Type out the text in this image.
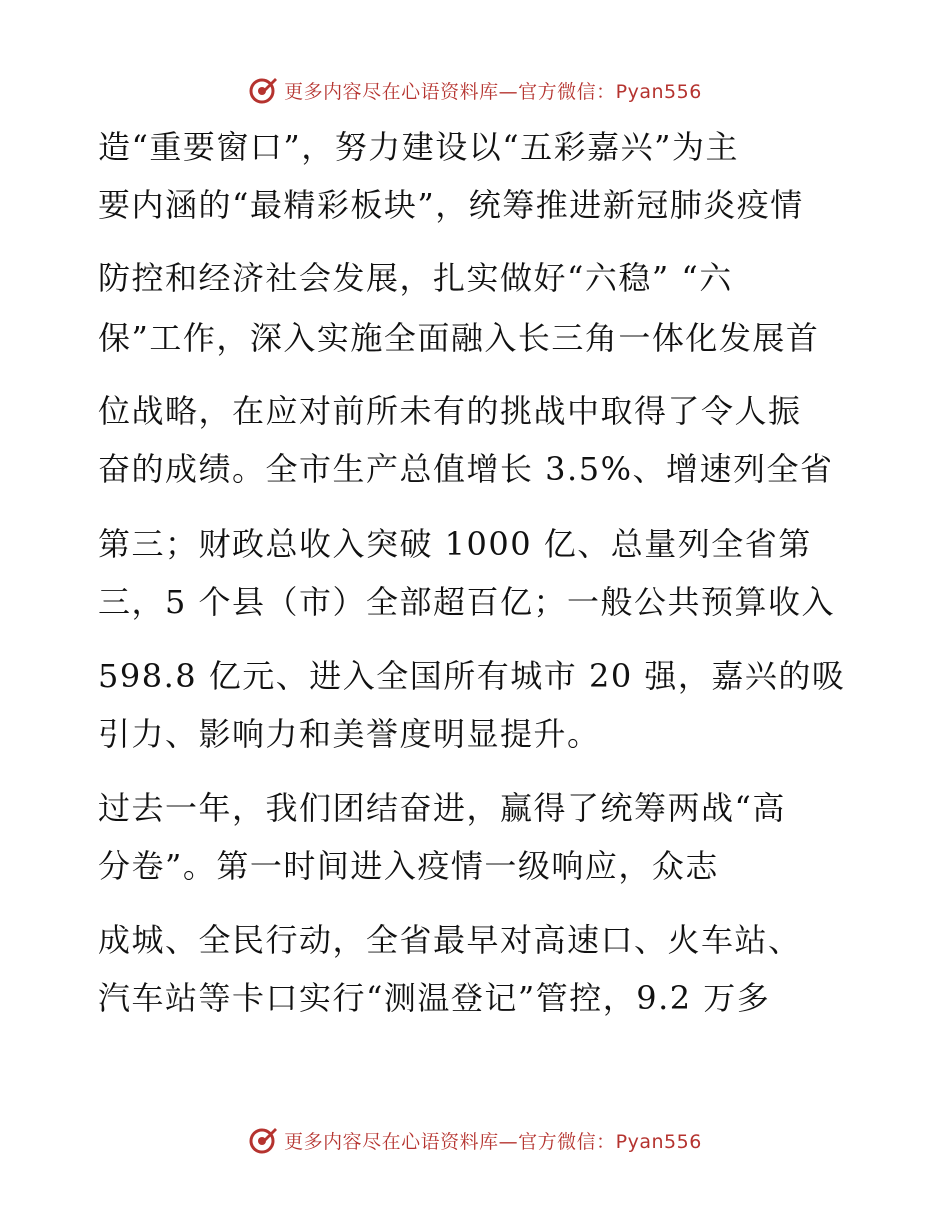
更多内容尽在心语资料库—官方微信：Pyan556
造“重要窗口”，努力建设以“五彩嘉兴”为主
要内涵的“最精彩板块”，统筹推进新冠肺炎疫情
防控和经济社会发展，扎实做好“六稳” “六
保”工作，深入实施全面融入长三角一体化发展首
位战略，在应对前所未有的挑战中取得了令人振
奋的成绩。全市生产总值增长 3.5%、增速列全省
第三；财政总收入突破 1000 亿、总量列全省第
三，5 个县（市）全部超百亿；一般公共预算收入
598.8 亿元、进入全国所有城市 20 强，嘉兴的吸
引力、影响力和美誉度明显提升。
过去一年，我们团结奋进，赢得了统筹两战“高
分卷”。第一时间进入疫情一级响应，众志
成城、全民行动，全省最早对高速口、火车站、
汽车站等卡口实行“测温登记”管控，9.2 万多
更多内容尽在心语资料库—官方微信：Pyan556
